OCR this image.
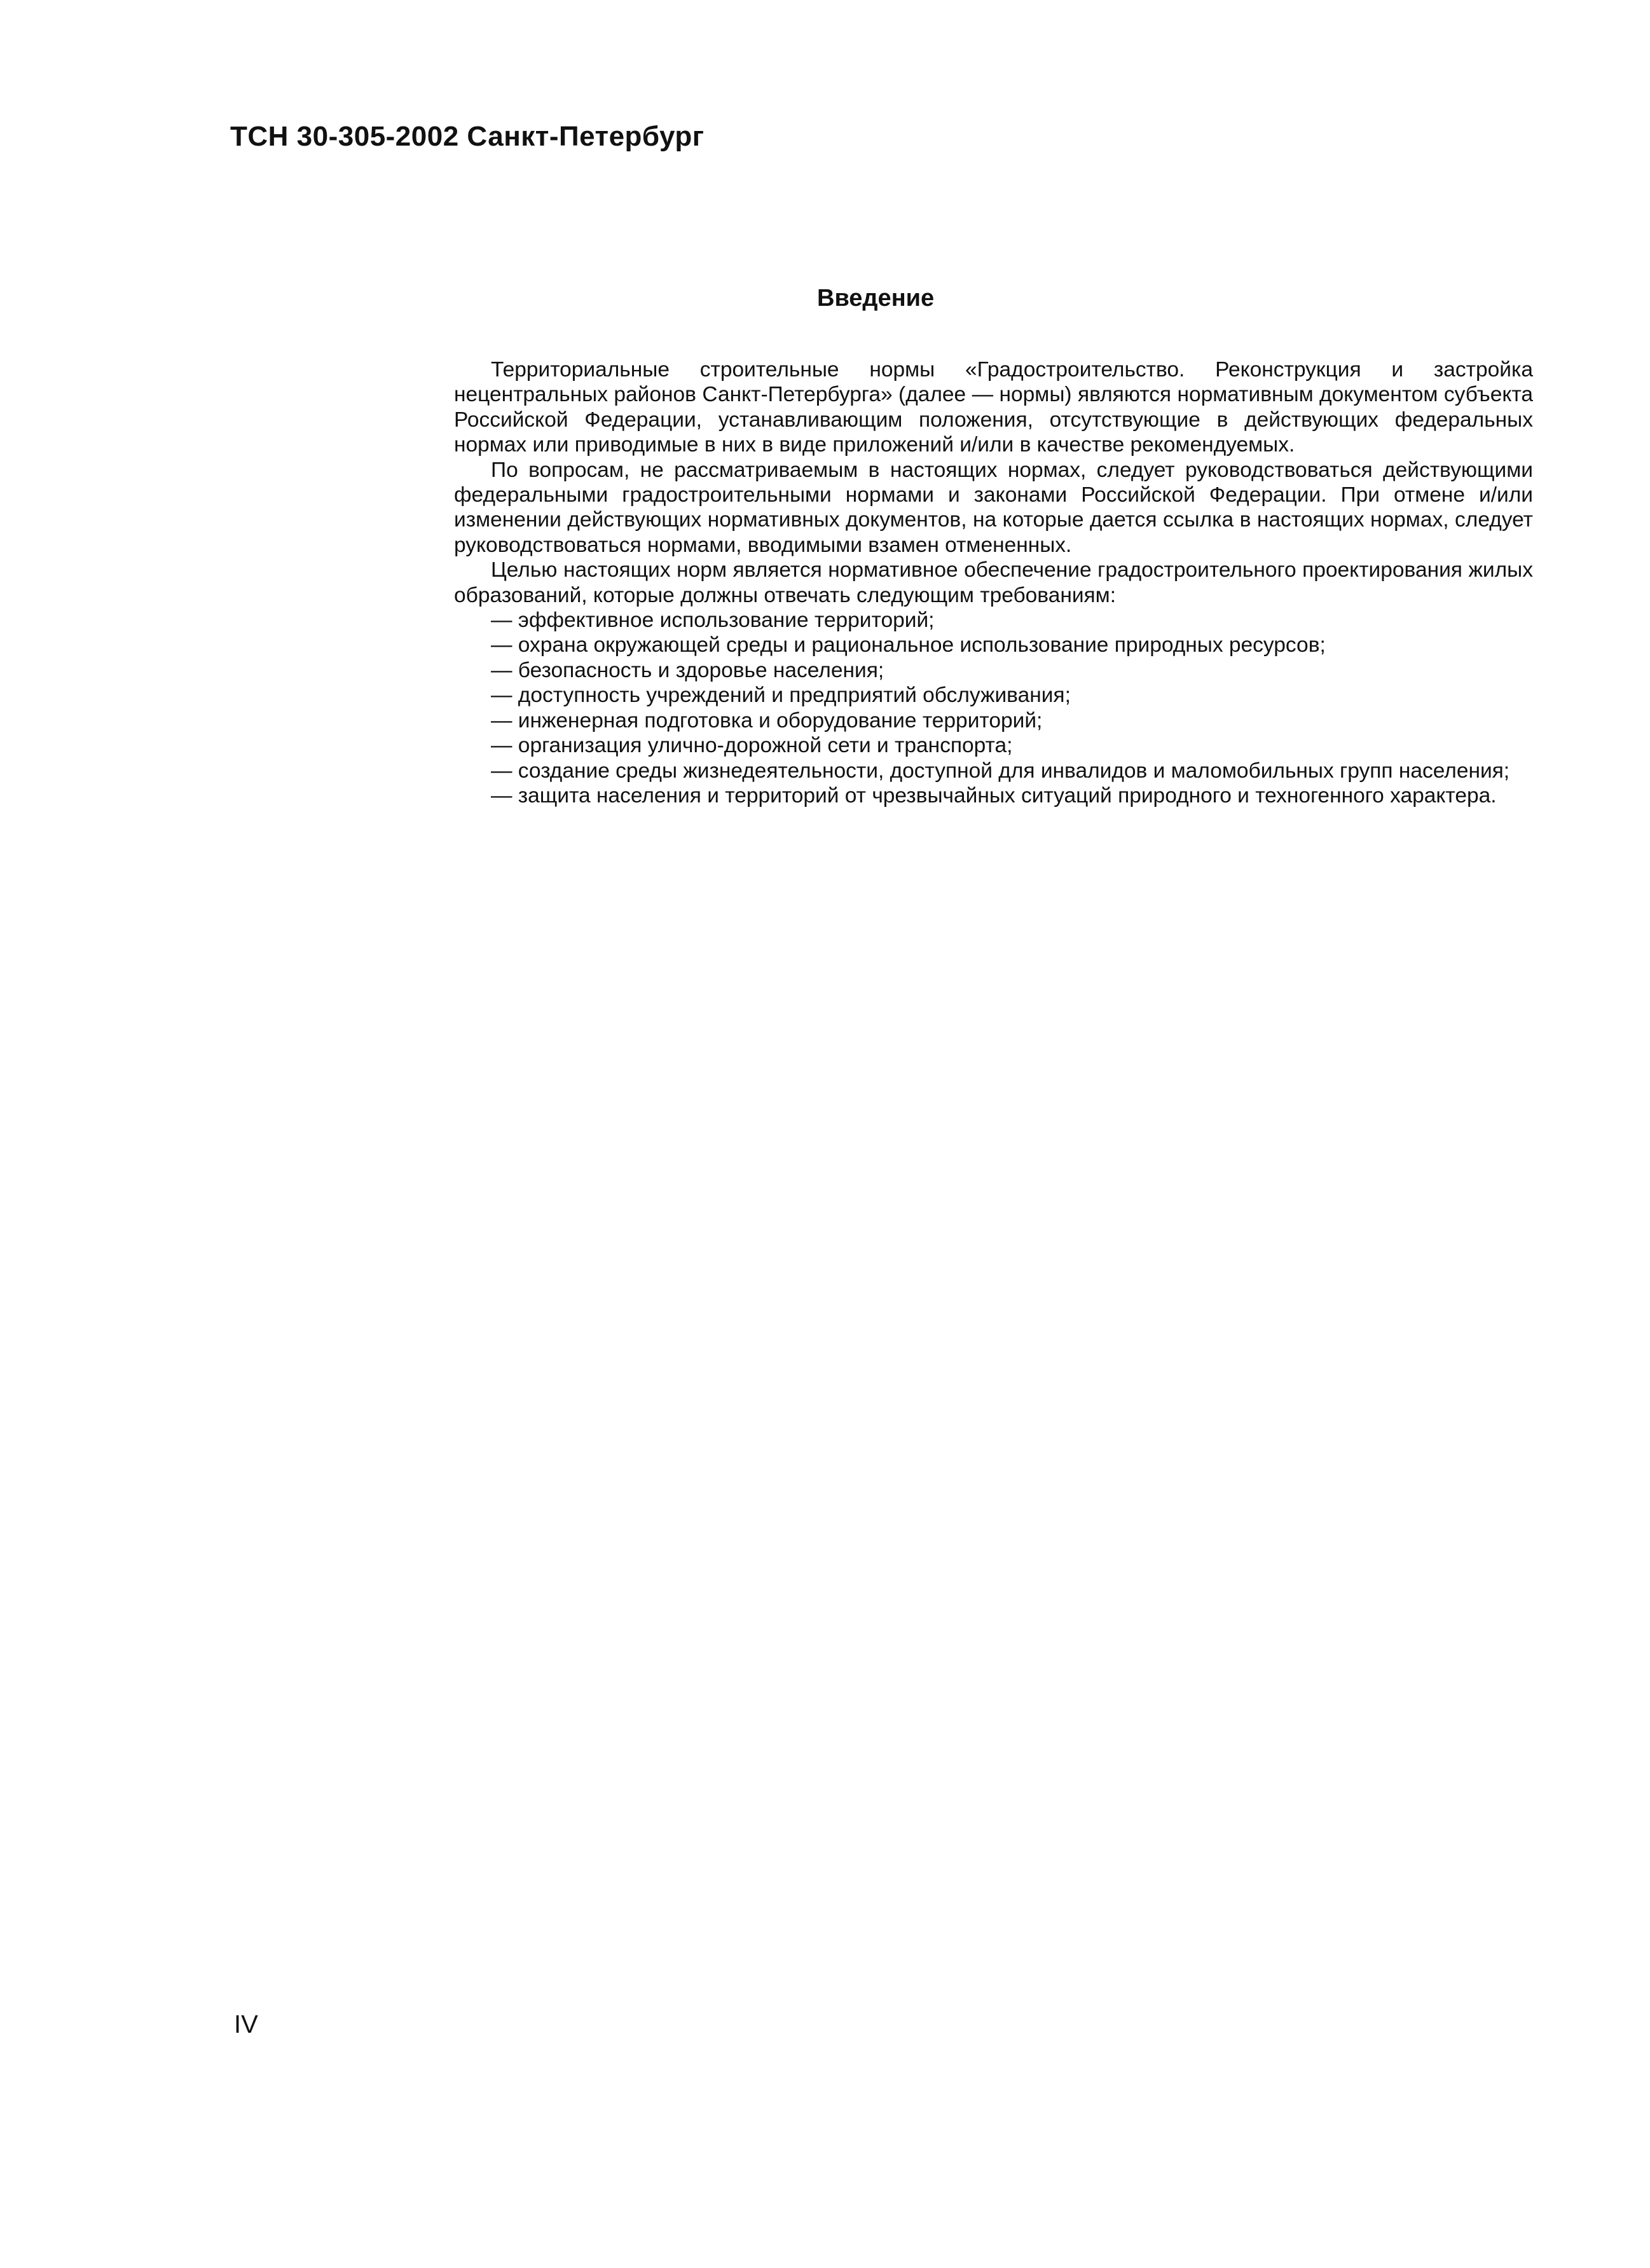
ТСН 30-305-2002 Санкт-Петербург
Введение

Территориальные строительные нормы «Градостроительство. Реконструкция и застройка нецентральных районов Санкт-Петербурга» (далее — нормы) являются нормативным документом субъекта Российской Федерации, устанавливающим положения, отсутствующие в действующих федеральных нормах или приводимые в них в виде приложений и/или в качестве рекомендуемых.

По вопросам, не рассматриваемым в настоящих нормах, следует руководствоваться действующими федеральными градостроительными нормами и законами Российской Федерации. При отмене и/или изменении действующих нормативных документов, на которые дается ссылка в настоящих нормах, следует руководствоваться нормами, вводимыми взамен отмененных.

Целью настоящих норм является нормативное обеспечение градостроительного проектирования жилых образований, которые должны отвечать следующим требованиям:

— эффективное использование территорий;

— охрана окружающей среды и рациональное использование природных ресурсов;

— безопасность и здоровье населения;

— доступность учреждений и предприятий обслуживания;

— инженерная подготовка и оборудование территорий;

— организация улично-дорожной сети и транспорта;

— создание среды жизнедеятельности, доступной для инвалидов и маломобильных групп населения;

— защита населения и территорий от чрезвычайных ситуаций природного и техногенного характера.

IV
